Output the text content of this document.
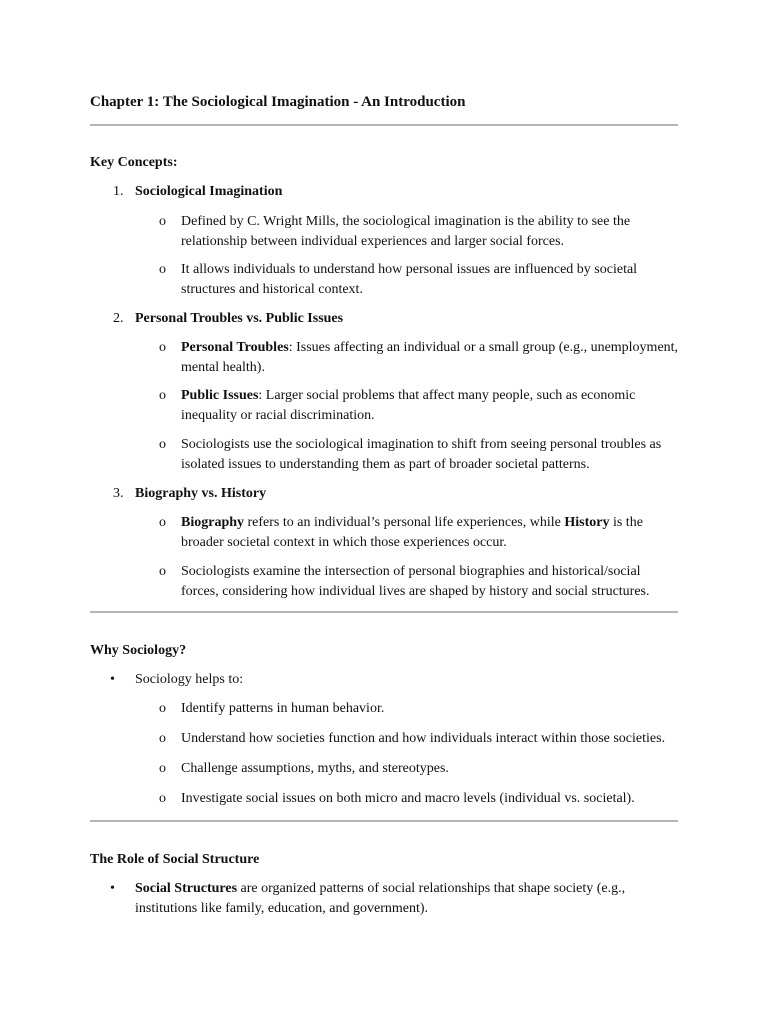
Chapter 1: The Sociological Imagination - An Introduction
Key Concepts:
1. Sociological Imagination
o Defined by C. Wright Mills, the sociological imagination is the ability to see the relationship between individual experiences and larger social forces.
o It allows individuals to understand how personal issues are influenced by societal structures and historical context.
2. Personal Troubles vs. Public Issues
o Personal Troubles: Issues affecting an individual or a small group (e.g., unemployment, mental health).
o Public Issues: Larger social problems that affect many people, such as economic inequality or racial discrimination.
o Sociologists use the sociological imagination to shift from seeing personal troubles as isolated issues to understanding them as part of broader societal patterns.
3. Biography vs. History
o Biography refers to an individual’s personal life experiences, while History is the broader societal context in which those experiences occur.
o Sociologists examine the intersection of personal biographies and historical/social forces, considering how individual lives are shaped by history and social structures.
Why Sociology?
• Sociology helps to:
o Identify patterns in human behavior.
o Understand how societies function and how individuals interact within those societies.
o Challenge assumptions, myths, and stereotypes.
o Investigate social issues on both micro and macro levels (individual vs. societal).
The Role of Social Structure
• Social Structures are organized patterns of social relationships that shape society (e.g., institutions like family, education, and government).
